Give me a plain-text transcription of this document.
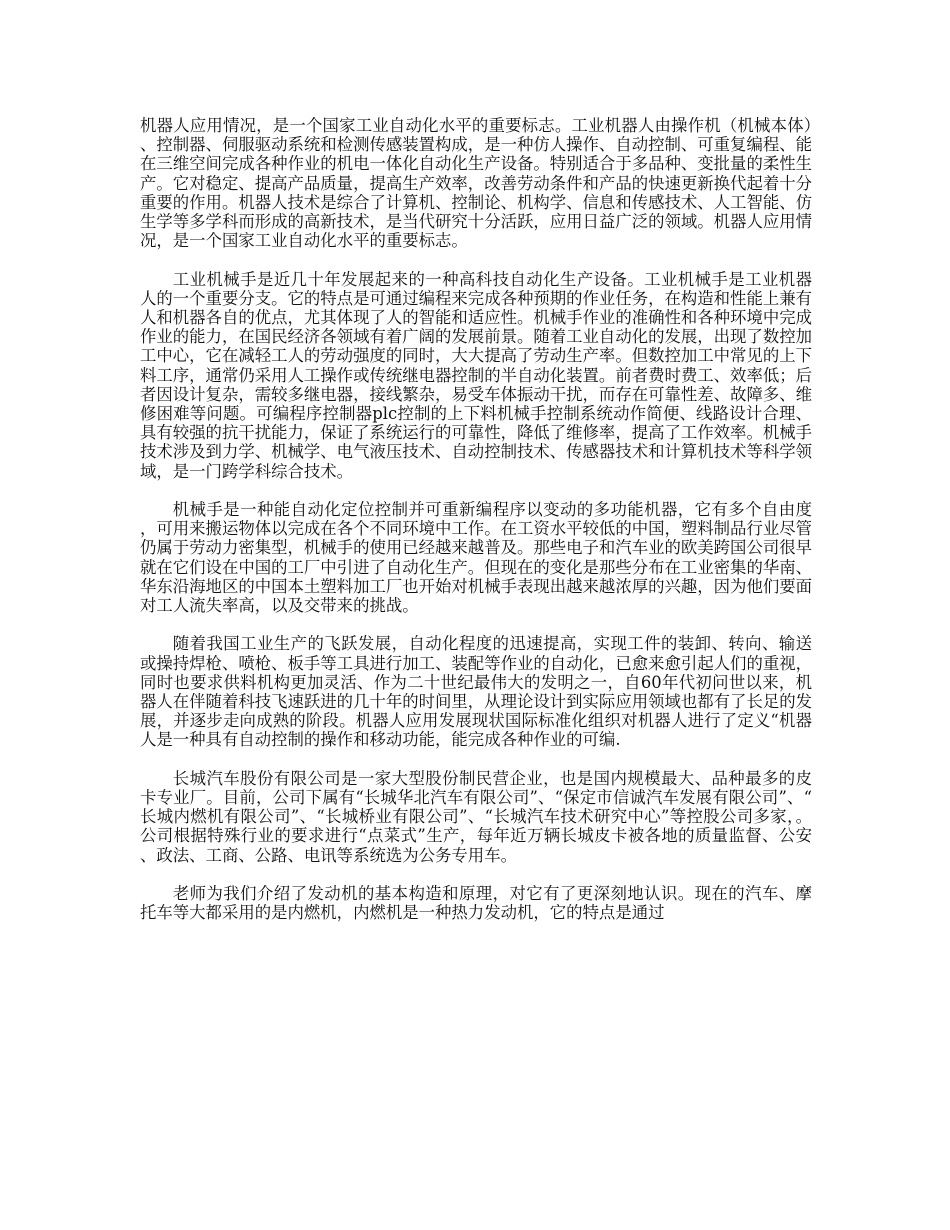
机器人应用情况，是一个国家工业自动化水平的重要标志。工业机器人由操作机（机械本体）、控制器、伺服驱动系统和检测传感装置构成，是一种仿人操作、自动控制、可重复编程、能在三维空间完成各种作业的机电一体化自动化生产设备。特别适合于多品种、变批量的柔性生产。它对稳定、提高产品质量，提高生产效率，改善劳动条件和产品的快速更新换代起着十分重要的作用。机器人技术是综合了计算机、控制论、机构学、信息和传感技术、人工智能、仿生学等多学科而形成的高新技术，是当代研究十分活跃，应用日益广泛的领域。机器人应用情况，是一个国家工业自动化水平的重要标志。

工业机械手是近几十年发展起来的一种高科技自动化生产设备。工业机械手是工业机器人的一个重要分支。它的特点是可通过编程来完成各种预期的作业任务，在构造和性能上兼有人和机器各自的优点，尤其体现了人的智能和适应性。机械手作业的准确性和各种环境中完成作业的能力，在国民经济各领域有着广阔的发展前景。随着工业自动化的发展，出现了数控加工中心，它在减轻工人的劳动强度的同时，大大提高了劳动生产率。但数控加工中常见的上下料工序，通常仍采用人工操作或传统继电器控制的半自动化装置。前者费时费工、效率低；后者因设计复杂，需较多继电器，接线繁杂，易受车体振动干扰，而存在可靠性差、故障多、维修困难等问题。可编程序控制器plc控制的上下料机械手控制系统动作简便、线路设计合理、具有较强的抗干扰能力，保证了系统运行的可靠性，降低了维修率，提高了工作效率。机械手技术涉及到力学、机械学、电气液压技术、自动控制技术、传感器技术和计算机技术等科学领域，是一门跨学科综合技术。

机械手是一种能自动化定位控制并可重新编程序以变动的多功能机器，它有多个自由度，可用来搬运物体以完成在各个不同环境中工作。在工资水平较低的中国，塑料制品行业尽管仍属于劳动力密集型，机械手的使用已经越来越普及。那些电子和汽车业的欧美跨国公司很早就在它们设在中国的工厂中引进了自动化生产。但现在的变化是那些分布在工业密集的华南、华东沿海地区的中国本土塑料加工厂也开始对机械手表现出越来越浓厚的兴趣，因为他们要面对工人流失率高，以及交带来的挑战。

随着我国工业生产的飞跃发展，自动化程度的迅速提高，实现工件的装卸、转向、输送或操持焊枪、喷枪、板手等工具进行加工、装配等作业的自动化，已愈来愈引起人们的重视，同时也要求供料机构更加灵活、作为二十世纪最伟大的发明之一，自60年代初问世以来，机器人在伴随着科技飞速跃进的几十年的时间里，从理论设计到实际应用领域也都有了长足的发展，并逐步走向成熟的阶段。机器人应用发展现状国际标准化组织对机器人进行了定义“机器人是一种具有自动控制的操作和移动功能，能完成各种作业的可编.

长城汽车股份有限公司是一家大型股份制民营企业，也是国内规模最大、品种最多的皮卡专业厂。目前，公司下属有“长城华北汽车有限公司”、“保定市信诚汽车发展有限公司”、“长城内燃机有限公司”、“长城桥业有限公司”、“长城汽车技术研究中心”等控股公司多家，。公司根据特殊行业的要求进行“点菜式”生产，每年近万辆长城皮卡被各地的质量监督、公安、政法、工商、公路、电讯等系统选为公务专用车。

老师为我们介绍了发动机的基本构造和原理，对它有了更深刻地认识。现在的汽车、摩托车等大都采用的是内燃机，内燃机是一种热力发动机，它的特点是通过
